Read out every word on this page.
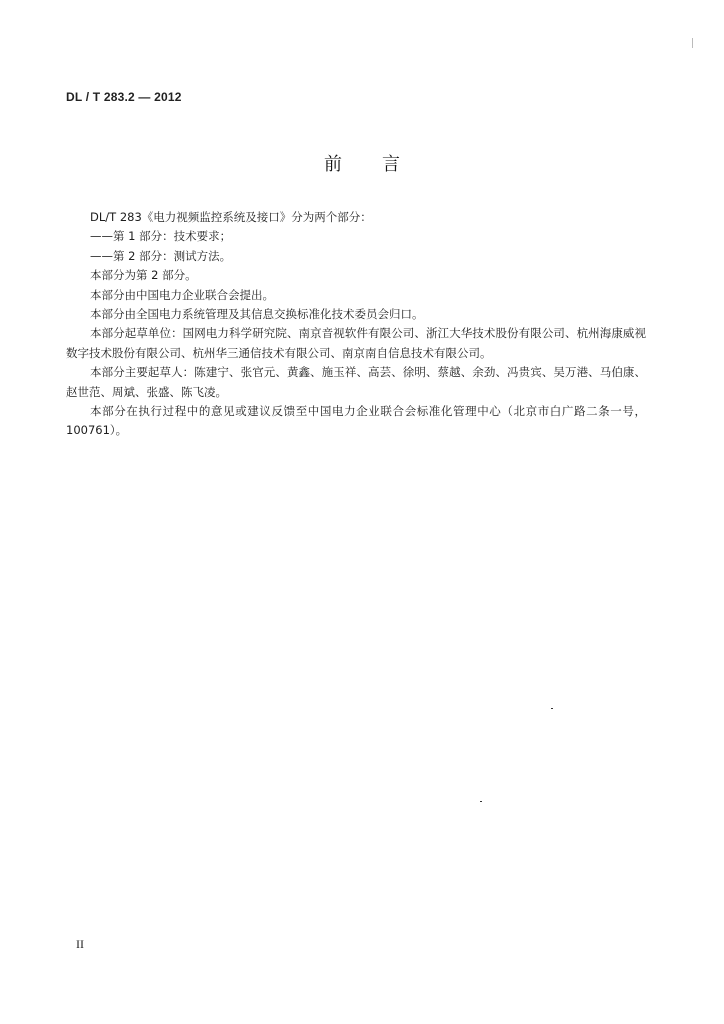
DL / T 283.2 — 2012
前言

DL/T 283《电力视频监控系统及接口》分为两个部分：

——第 1 部分：技术要求；

——第 2 部分：测试方法。

本部分为第 2 部分。

本部分由中国电力企业联合会提出。

本部分由全国电力系统管理及其信息交换标准化技术委员会归口。

本部分起草单位：国网电力科学研究院、南京音视软件有限公司、浙江大华技术股份有限公司、杭州海康威视数字技术股份有限公司、杭州华三通信技术有限公司、南京南自信息技术有限公司。

本部分主要起草人：陈建宁、张官元、黄鑫、施玉祥、高芸、徐明、蔡越、余劲、冯贵宾、吴万港、马伯康、赵世范、周斌、张盛、陈飞凌。

本部分在执行过程中的意见或建议反馈至中国电力企业联合会标准化管理中心（北京市白广路二条一号，100761）。

II
